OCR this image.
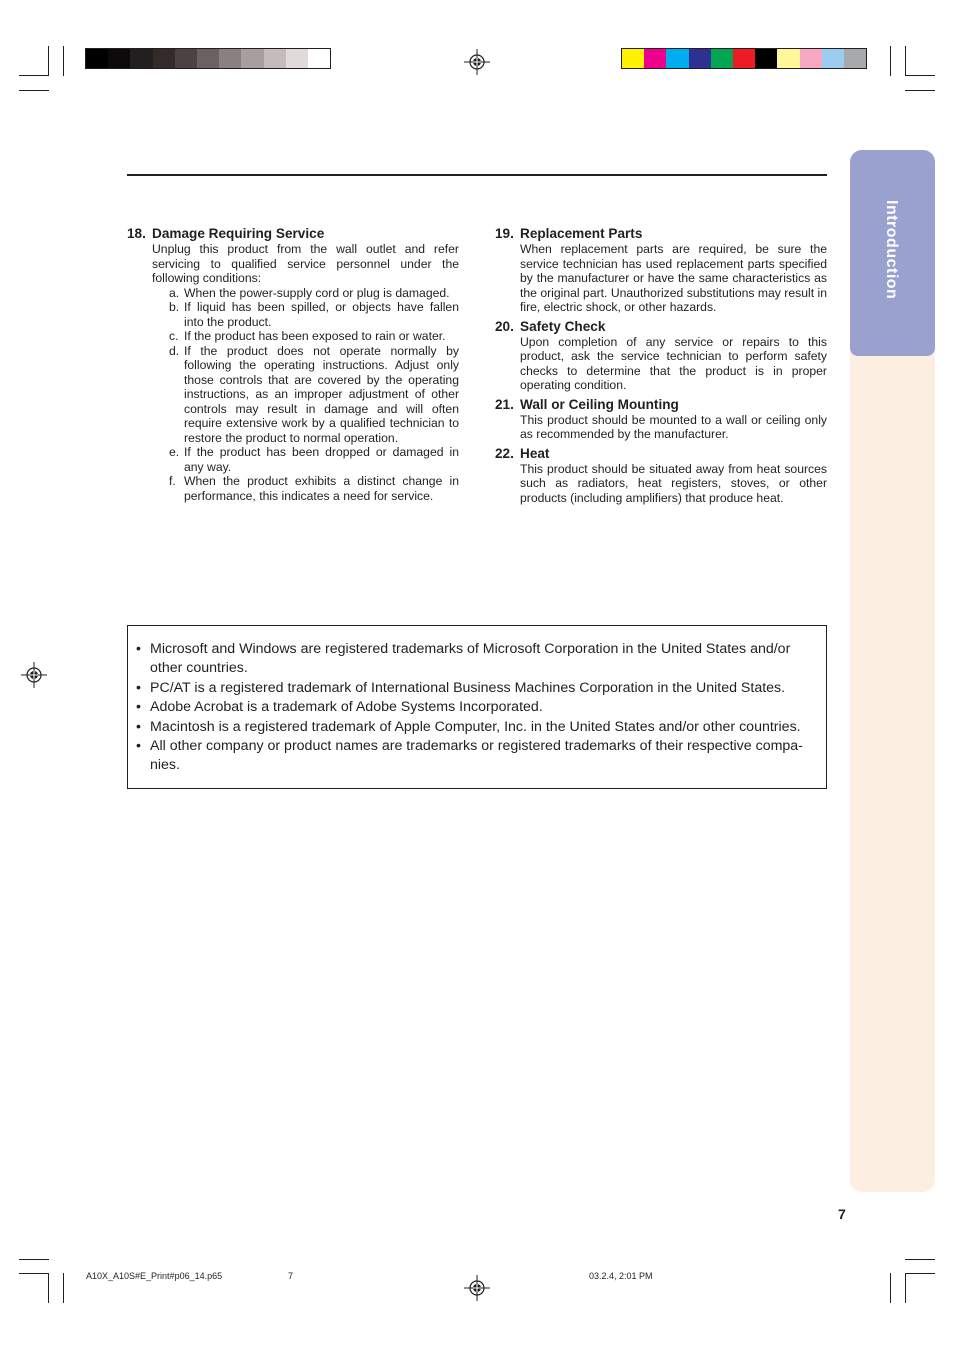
Introduction
18. Damage Requiring Service
Unplug this product from the wall outlet and refer servicing to qualified service personnel under the following conditions:
a. When the power-supply cord or plug is damaged.
b. If liquid has been spilled, or objects have fallen into the product.
c. If the product has been exposed to rain or water.
d. If the product does not operate normally by following the operating instructions. Adjust only those controls that are covered by the operating instructions, as an improper adjustment of other controls may result in damage and will often require extensive work by a qualified technician to restore the product to normal operation.
e. If the product has been dropped or damaged in any way.
f. When the product exhibits a distinct change in performance, this indicates a need for service.
19. Replacement Parts
When replacement parts are required, be sure the service technician has used replacement parts specified by the manufacturer or have the same characteristics as the original part. Unauthorized substitutions may result in fire, electric shock, or other hazards.
20. Safety Check
Upon completion of any service or repairs to this product, ask the service technician to perform safety checks to determine that the product is in proper operating condition.
21. Wall or Ceiling Mounting
This product should be mounted to a wall or ceiling only as recommended by the manufacturer.
22. Heat
This product should be situated away from heat sources such as radiators, heat registers, stoves, or other products (including amplifiers) that produce heat.
• Microsoft and Windows are registered trademarks of Microsoft Corporation in the United States and/or other countries.
• PC/AT is a registered trademark of International Business Machines Corporation in the United States.
• Adobe Acrobat is a trademark of Adobe Systems Incorporated.
• Macintosh is a registered trademark of Apple Computer, Inc. in the United States and/or other countries.
• All other company or product names are trademarks or registered trademarks of their respective compa-nies.
7
A10X_A10S#E_Print#p06_14.p65	7	03.2.4, 2:01 PM
